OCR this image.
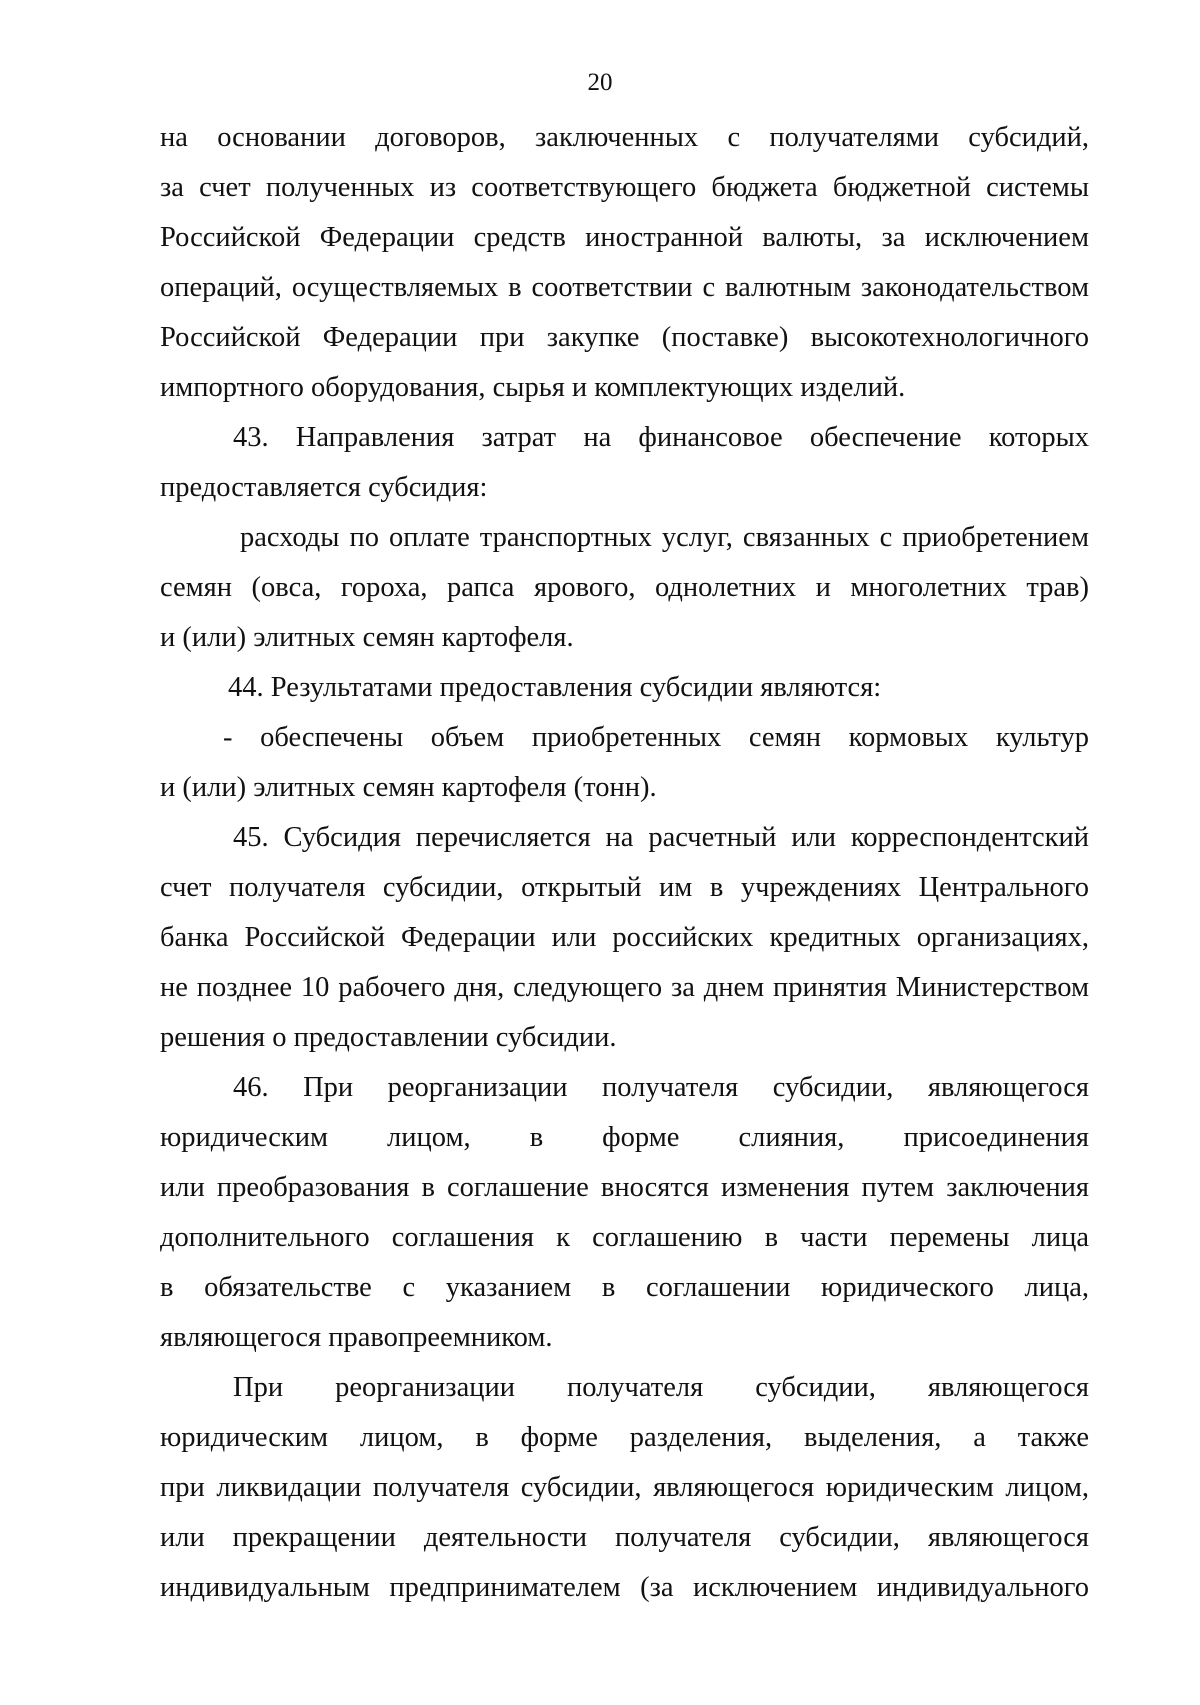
20
на основании договоров, заключенных с получателями субсидий,
за счет полученных из соответствующего бюджета бюджетной системы
Российской Федерации средств иностранной валюты, за исключением
операций, осуществляемых в соответствии с валютным законодательством
Российской Федерации при закупке (поставке) высокотехнологичного
импортного оборудования, сырья и комплектующих изделий.
43. Направления затрат на финансовое обеспечение которых
предоставляется субсидия:
расходы по оплате транспортных услуг, связанных с приобретением
семян (овса, гороха, рапса ярового, однолетних и многолетних трав)
и (или) элитных семян картофеля.
44. Результатами предоставления субсидии являются:
- обеспечены объем приобретенных семян кормовых культур
и (или) элитных семян картофеля (тонн).
45. Субсидия перечисляется на расчетный или корреспондентский
счет получателя субсидии, открытый им в учреждениях Центрального
банка Российской Федерации или российских кредитных организациях,
не позднее 10 рабочего дня, следующего за днем принятия Министерством
решения о предоставлении субсидии.
46. При реорганизации получателя субсидии, являющегося
юридическим лицом, в форме слияния, присоединения
или преобразования в соглашение вносятся изменения путем заключения
дополнительного соглашения к соглашению в части перемены лица
в обязательстве с указанием в соглашении юридического лица,
являющегося правопреемником.
При реорганизации получателя субсидии, являющегося
юридическим лицом, в форме разделения, выделения, а также
при ликвидации получателя субсидии, являющегося юридическим лицом,
или прекращении деятельности получателя субсидии, являющегося
индивидуальным предпринимателем (за исключением индивидуального
